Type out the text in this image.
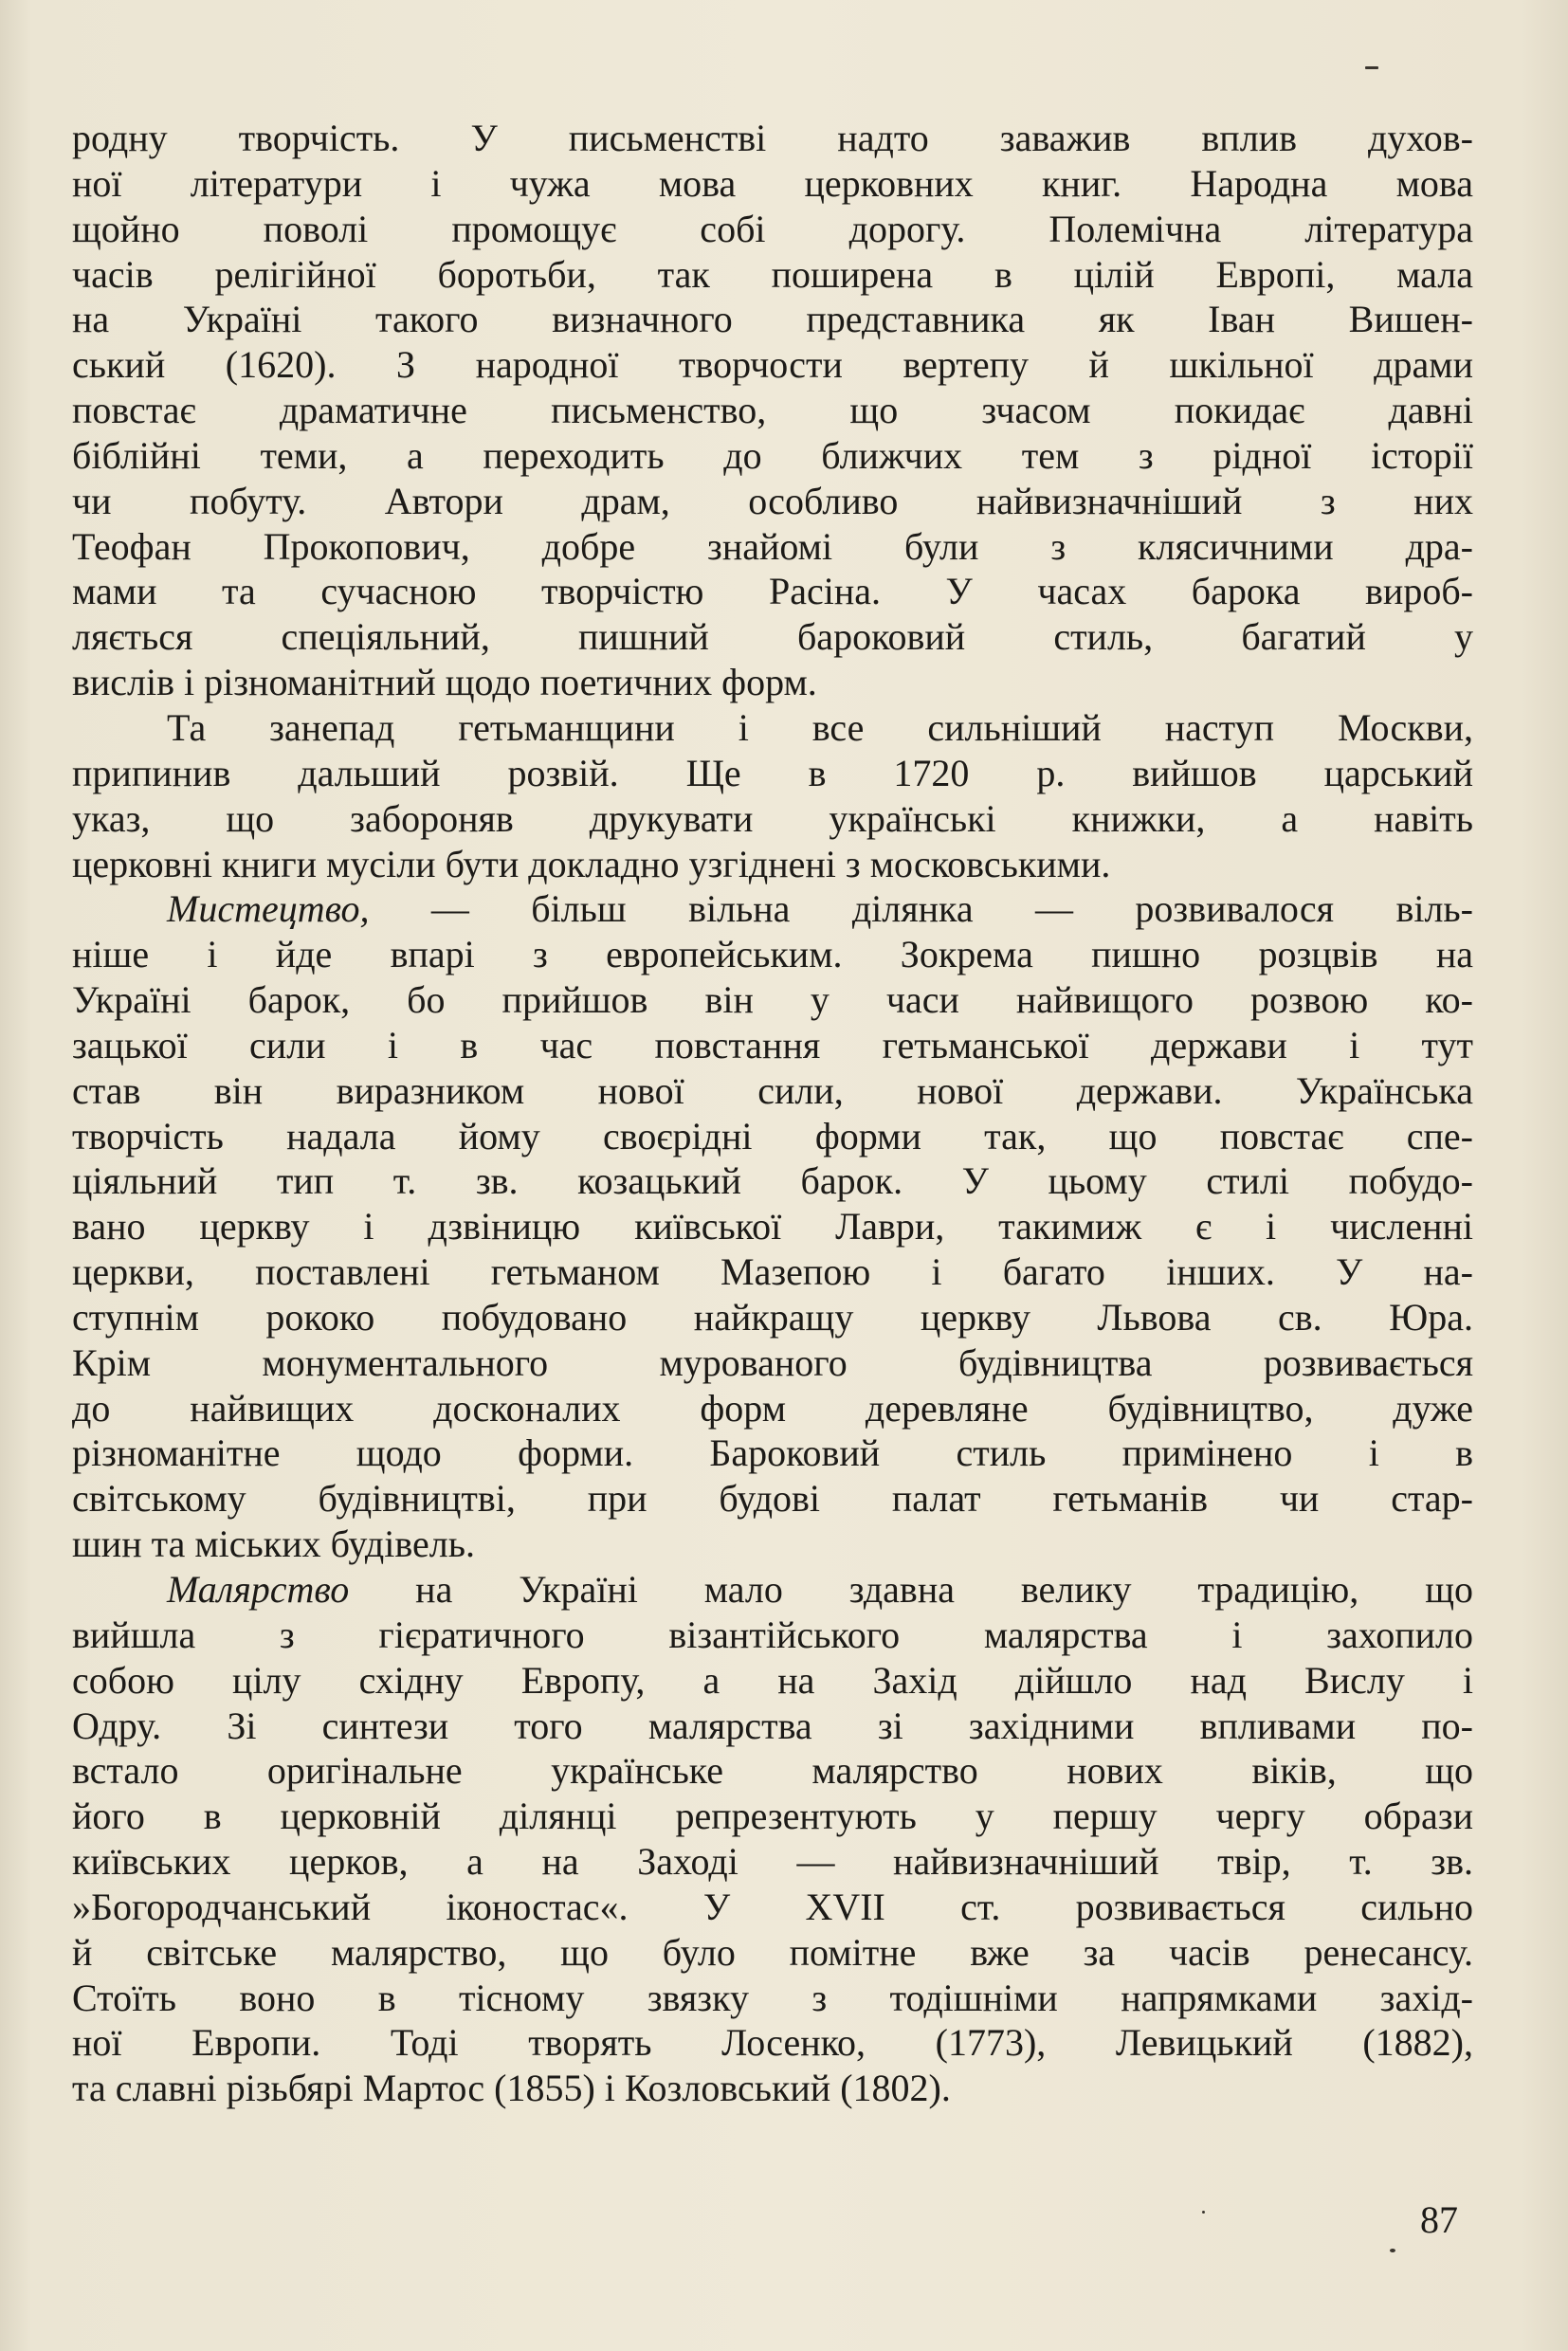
родну творчість. У письменстві надто заважив вплив духов-
ної літератури і чужа мова церковних книг. Народна мова
щойно поволі промощує собі дорогу. Полемічна література
часів релігійної боротьби, так поширена в цілій Европі, мала
на Україні такого визначного представника як Іван Вишен-
ський (1620). З народної творчости вертепу й шкільної драми
повстає драматичне письменство, що зчасом покидає давні
біблійні теми, а переходить до ближчих тем з рідної історії
чи побуту. Автори драм, особливо найвизначніший з них
Теофан Прокопович, добре знайомі були з клясичними дра-
мами та сучасною творчістю Расіна. У часах барока вироб-
ляється спеціяльний, пишний бароковий стиль, багатий у
вислів і різноманітний щодо поетичних форм.

Та занепад гетьманщини і все сильніший наступ Москви,
припинив дальший розвій. Ще в 1720 р. вийшов царський
указ, що забороняв друкувати українські книжки, а навіть
церковні книги мусіли бути докладно узгіднені з московськими.

Мистецтво, — більш вільна ділянка — розвивалося віль-
ніше і йде впарі з европейським. Зокрема пишно розцвів на
Україні барок, бо прийшов він у часи найвищого розвою ко-
зацької сили і в час повстання гетьманської держави і тут
став він виразником нової сили, нової держави. Українська
творчість надала йому своєрідні форми так, що повстає спе-
ціяльний тип т. зв. козацький барок. У цьому стилі побудо-
вано церкву і дзвіницю київської Лаври, такимиж є і численні
церкви, поставлені гетьманом Мазепою і багато інших. У на-
ступнім рококо побудовано найкращу церкву Львова св. Юра.
Крім монументального мурованого будівництва розвивається
до найвищих досконалих форм деревляне будівництво, дуже
різноманітне щодо форми. Бароковий стиль примінено і в
світському будівництві, при будові палат гетьманів чи стар-
шин та міських будівель.

Малярство на Україні мало здавна велику традицію, що
вийшла з гієратичного візантійського малярства і захопило
собою цілу східну Европу, а на Захід дійшло над Вислу і
Одру. Зі синтези того малярства зі західними впливами по-
встало оригінальне українське малярство нових віків, що
його в церковній ділянці репрезентують у першу чергу образи
київських церков, а на Заході — найвизначніший твір, т. зв.
»Богородчанський іконостас«. У XVII ст. розвивається сильно
й світське малярство, що було помітне вже за часів ренесансу.
Стоїть воно в тісному звязку з тодішніми напрямками захід-
ної Европи. Тоді творять Лосенко, (1773), Левицький (1882),
та славні різьбярі Мартос (1855) і Козловський (1802).

87
